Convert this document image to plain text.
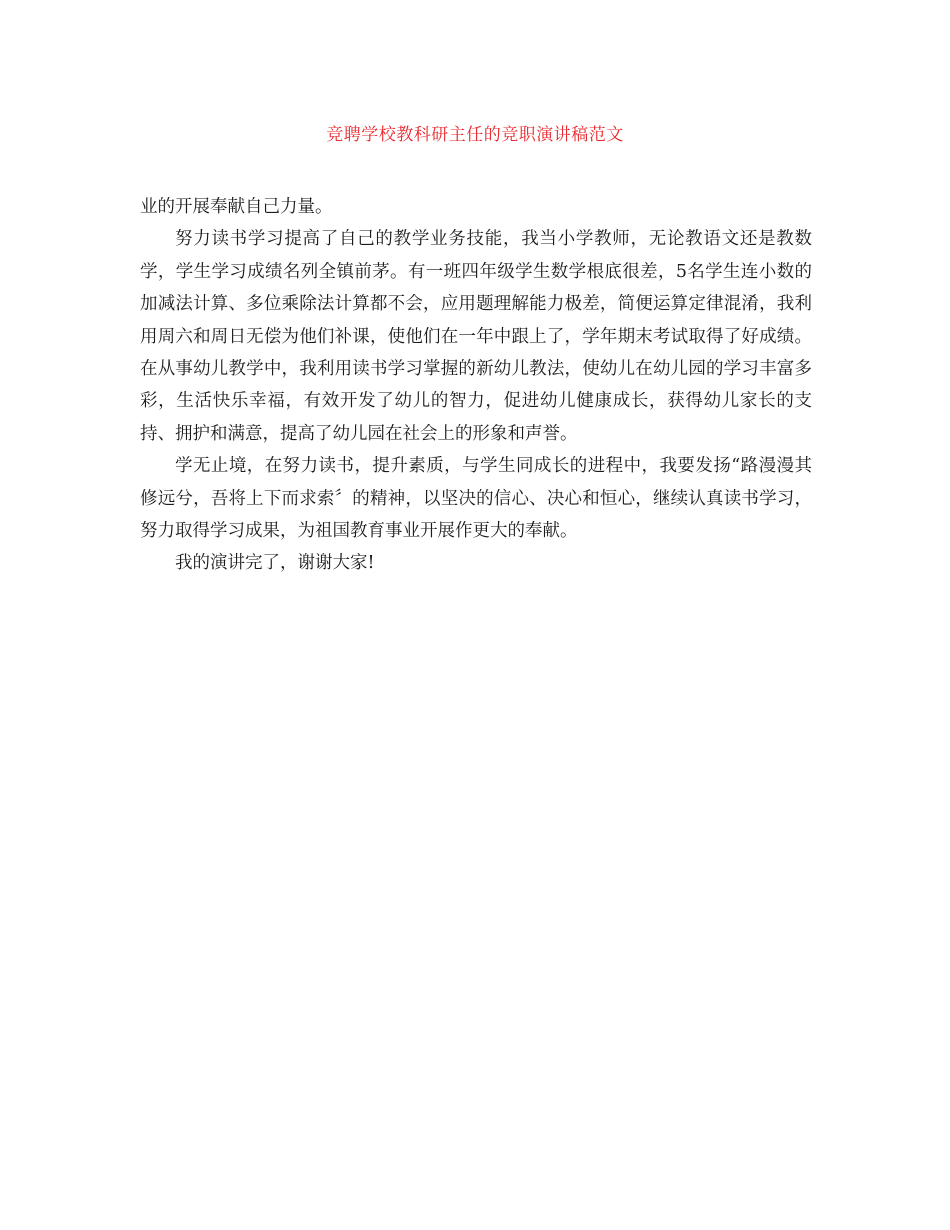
竞聘学校教科研主任的竞职演讲稿范文

业的开展奉献自己力量。

努力读书学习提高了自己的教学业务技能，我当小学教师，无论教语文还是教数学，学生学习成绩名列全镇前茅。有一班四年级学生数学根底很差，5名学生连小数的加减法计算、多位乘除法计算都不会，应用题理解能力极差，简便运算定律混淆，我利用周六和周日无偿为他们补课，使他们在一年中跟上了，学年期末考试取得了好成绩。在从事幼儿教学中，我利用读书学习掌握的新幼儿教法，使幼儿在幼儿园的学习丰富多彩，生活快乐幸福，有效开发了幼儿的智力，促进幼儿健康成长，获得幼儿家长的支持、拥护和满意，提高了幼儿园在社会上的形象和声誉。

学无止境，在努力读书，提升素质，与学生同成长的进程中，我要发扬“路漫漫其修远兮，吾将上下而求索〞的精神，以坚决的信心、决心和恒心，继续认真读书学习，努力取得学习成果，为祖国教育事业开展作更大的奉献。

我的演讲完了，谢谢大家!
